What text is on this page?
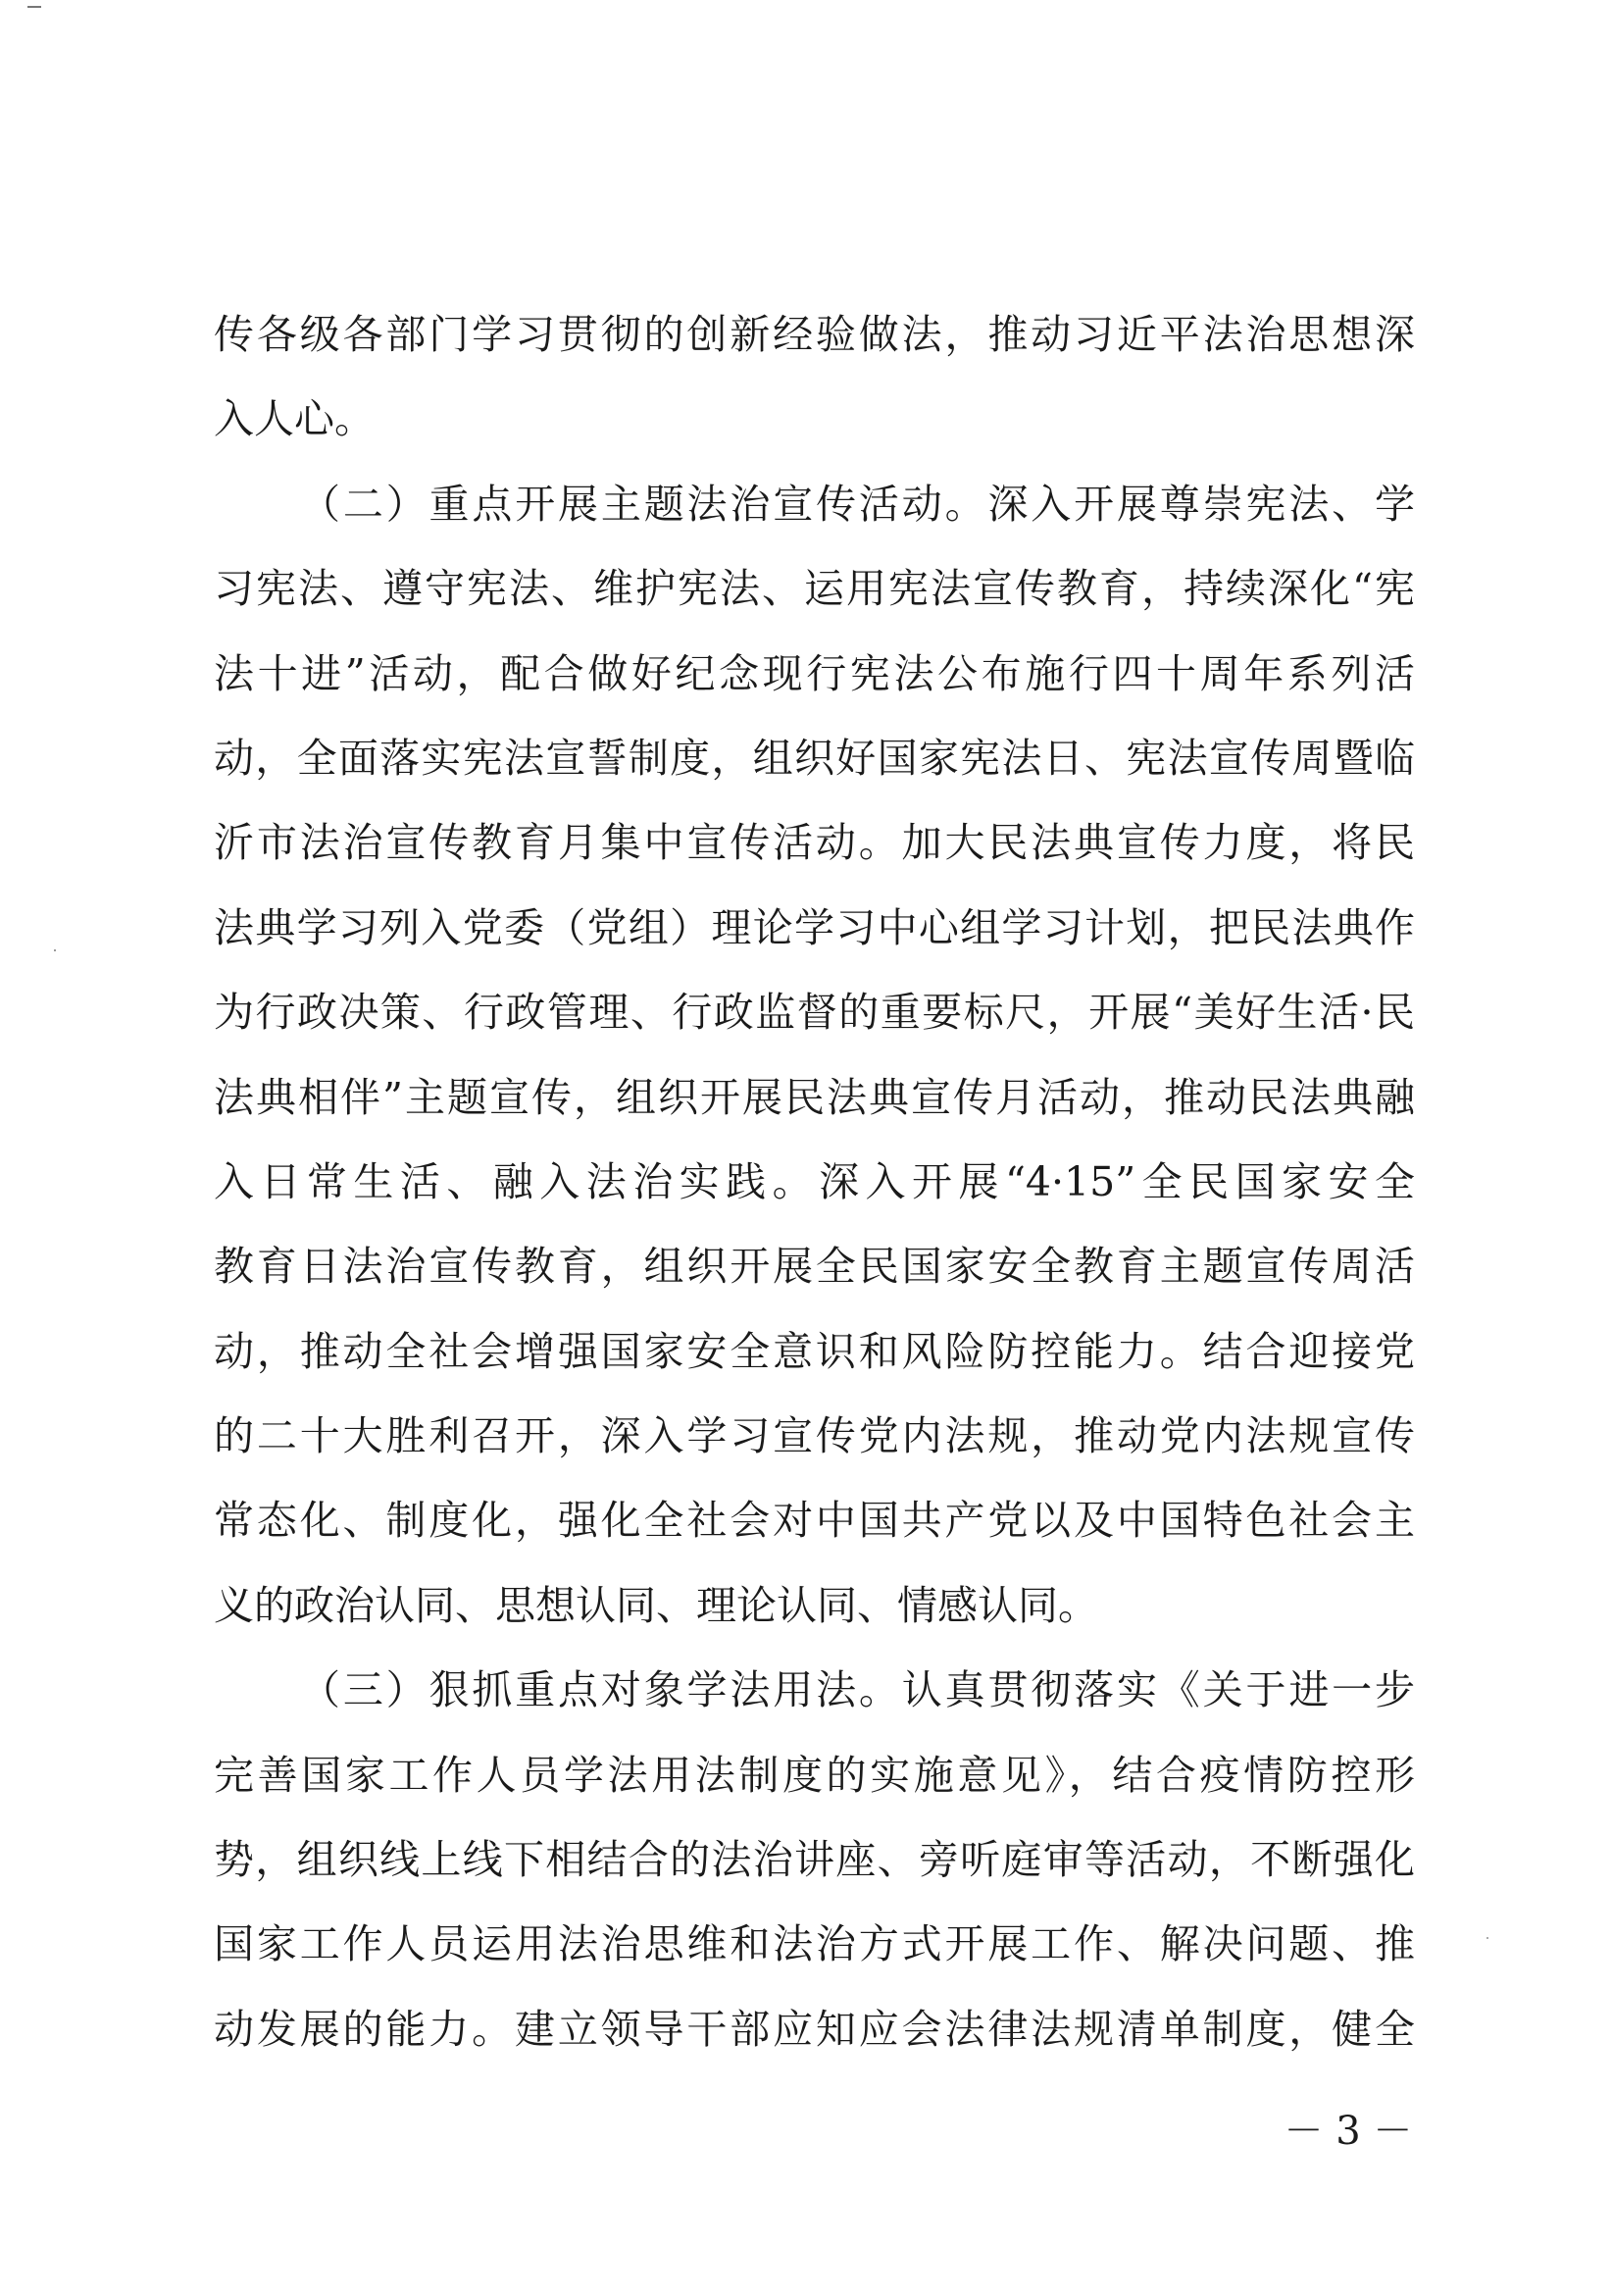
传各级各部门学习贯彻的创新经验做法，推动习近平法治思想深
入人心。
（二）重点开展主题法治宣传活动。深入开展尊崇宪法、学
习宪法、遵守宪法、维护宪法、运用宪法宣传教育，持续深化“宪
法十进”活动，配合做好纪念现行宪法公布施行四十周年系列活
动，全面落实宪法宣誓制度，组织好国家宪法日、宪法宣传周暨临
沂市法治宣传教育月集中宣传活动。加大民法典宣传力度，将民
法典学习列入党委（党组）理论学习中心组学习计划，把民法典作
为行政决策、行政管理、行政监督的重要标尺，开展“美好生活·民
法典相伴”主题宣传，组织开展民法典宣传月活动，推动民法典融
入日常生活、融入法治实践。深入开展“4·15”全民国家安全
教育日法治宣传教育，组织开展全民国家安全教育主题宣传周活
动，推动全社会增强国家安全意识和风险防控能力。结合迎接党
的二十大胜利召开，深入学习宣传党内法规，推动党内法规宣传
常态化、制度化，强化全社会对中国共产党以及中国特色社会主
义的政治认同、思想认同、理论认同、情感认同。
（三）狠抓重点对象学法用法。认真贯彻落实《关于进一步
完善国家工作人员学法用法制度的实施意见》，结合疫情防控形
势，组织线上线下相结合的法治讲座、旁听庭审等活动，不断强化
国家工作人员运用法治思维和法治方式开展工作、解决问题、推
动发展的能力。建立领导干部应知应会法律法规清单制度，健全
－ 3 －
